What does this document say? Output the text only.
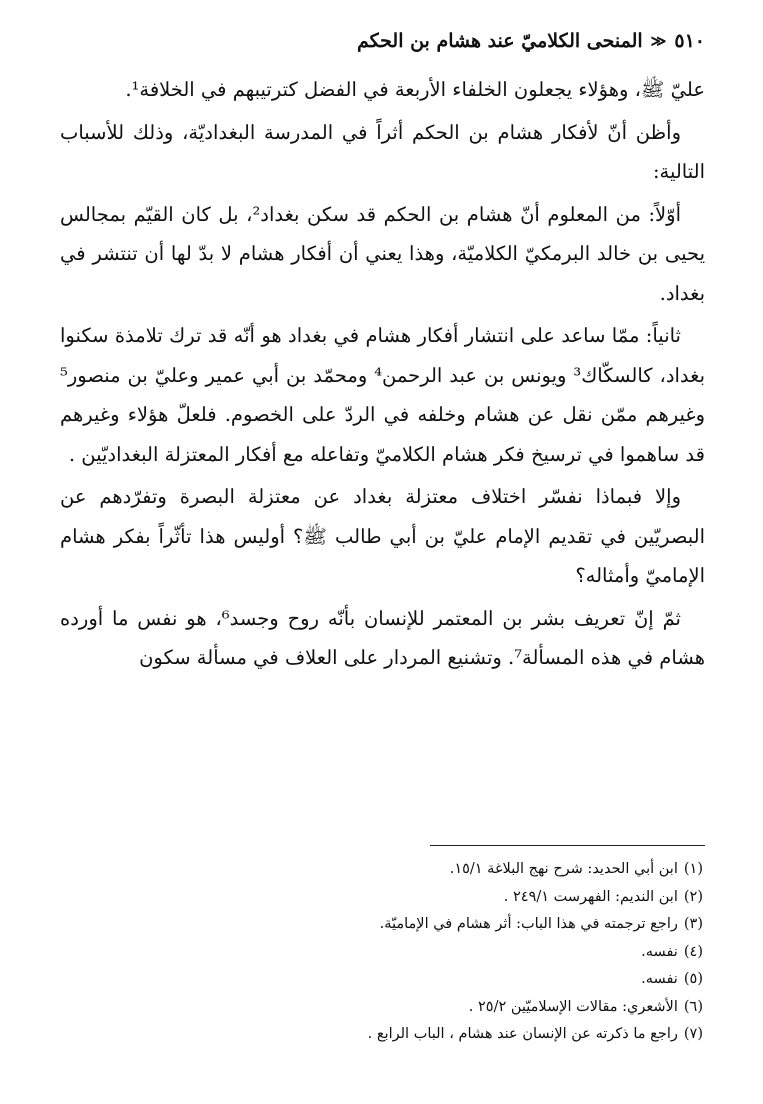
٥١٠
≪
المنحى الكلاميّ عند هشام بن الحكم

عليّ ﷺ، وهؤلاء يجعلون الخلفاء الأربعة في الفضل كترتيبهم في الخلافة¹.

وأظن أنّ لأفكار هشام بن الحكم أثراً في المدرسة البغداديّة، وذلك للأسباب التالية:

أوّلاً: من المعلوم أنّ هشام بن الحكم قد سكن بغداد²، بل كان القيّم بمجالس يحيى بن خالد البرمكيّ الكلاميّة، وهذا يعني أن أفكار هشام لا بدّ لها أن تنتشر في بغداد.

ثانياً: ممّا ساعد على انتشار أفكار هشام في بغداد هو أنّه قد ترك تلامذة سكنوا بغداد، كالسكّاك³ ويونس بن عبد الرحمن⁴ ومحمّد بن أبي عمير وعليّ بن منصور⁵ وغيرهم ممّن نقل عن هشام وخلفه في الردّ على الخصوم. فلعلّ هؤلاء وغيرهم قد ساهموا في ترسيخ فكر هشام الكلاميّ وتفاعله مع أفكار المعتزلة البغداديّين .

وإلا فبماذا نفسّر اختلاف معتزلة بغداد عن معتزلة البصرة وتفرّدهم عن البصريّين في تقديم الإمام عليّ بن أبي طالب ﷺ؟ أوليس هذا تأثّراً بفكر هشام الإماميّ وأمثاله؟

ثمّ إنّ تعريف بشر بن المعتمر للإنسان بأنّه روح وجسد⁶، هو نفس ما أورده هشام في هذه المسألة⁷. وتشنيع المردار على العلاف في مسألة سكون

(١)
ابن أبي الحديد: شرح نهج البلاغة ١٥/١.
(٢)
ابن النديم: الفهرست ٢٤٩/١ .
(٣)
راجع ترجمته في هذا الباب: أثر هشام في الإماميّة.
(٤)
نفسه.
(٥)
نفسه.
(٦)
الأشعري: مقالات الإسلاميّين ٢٥/٢ .
(٧)
راجع ما ذكرته عن الإنسان عند هشام ، الباب الرابع .
